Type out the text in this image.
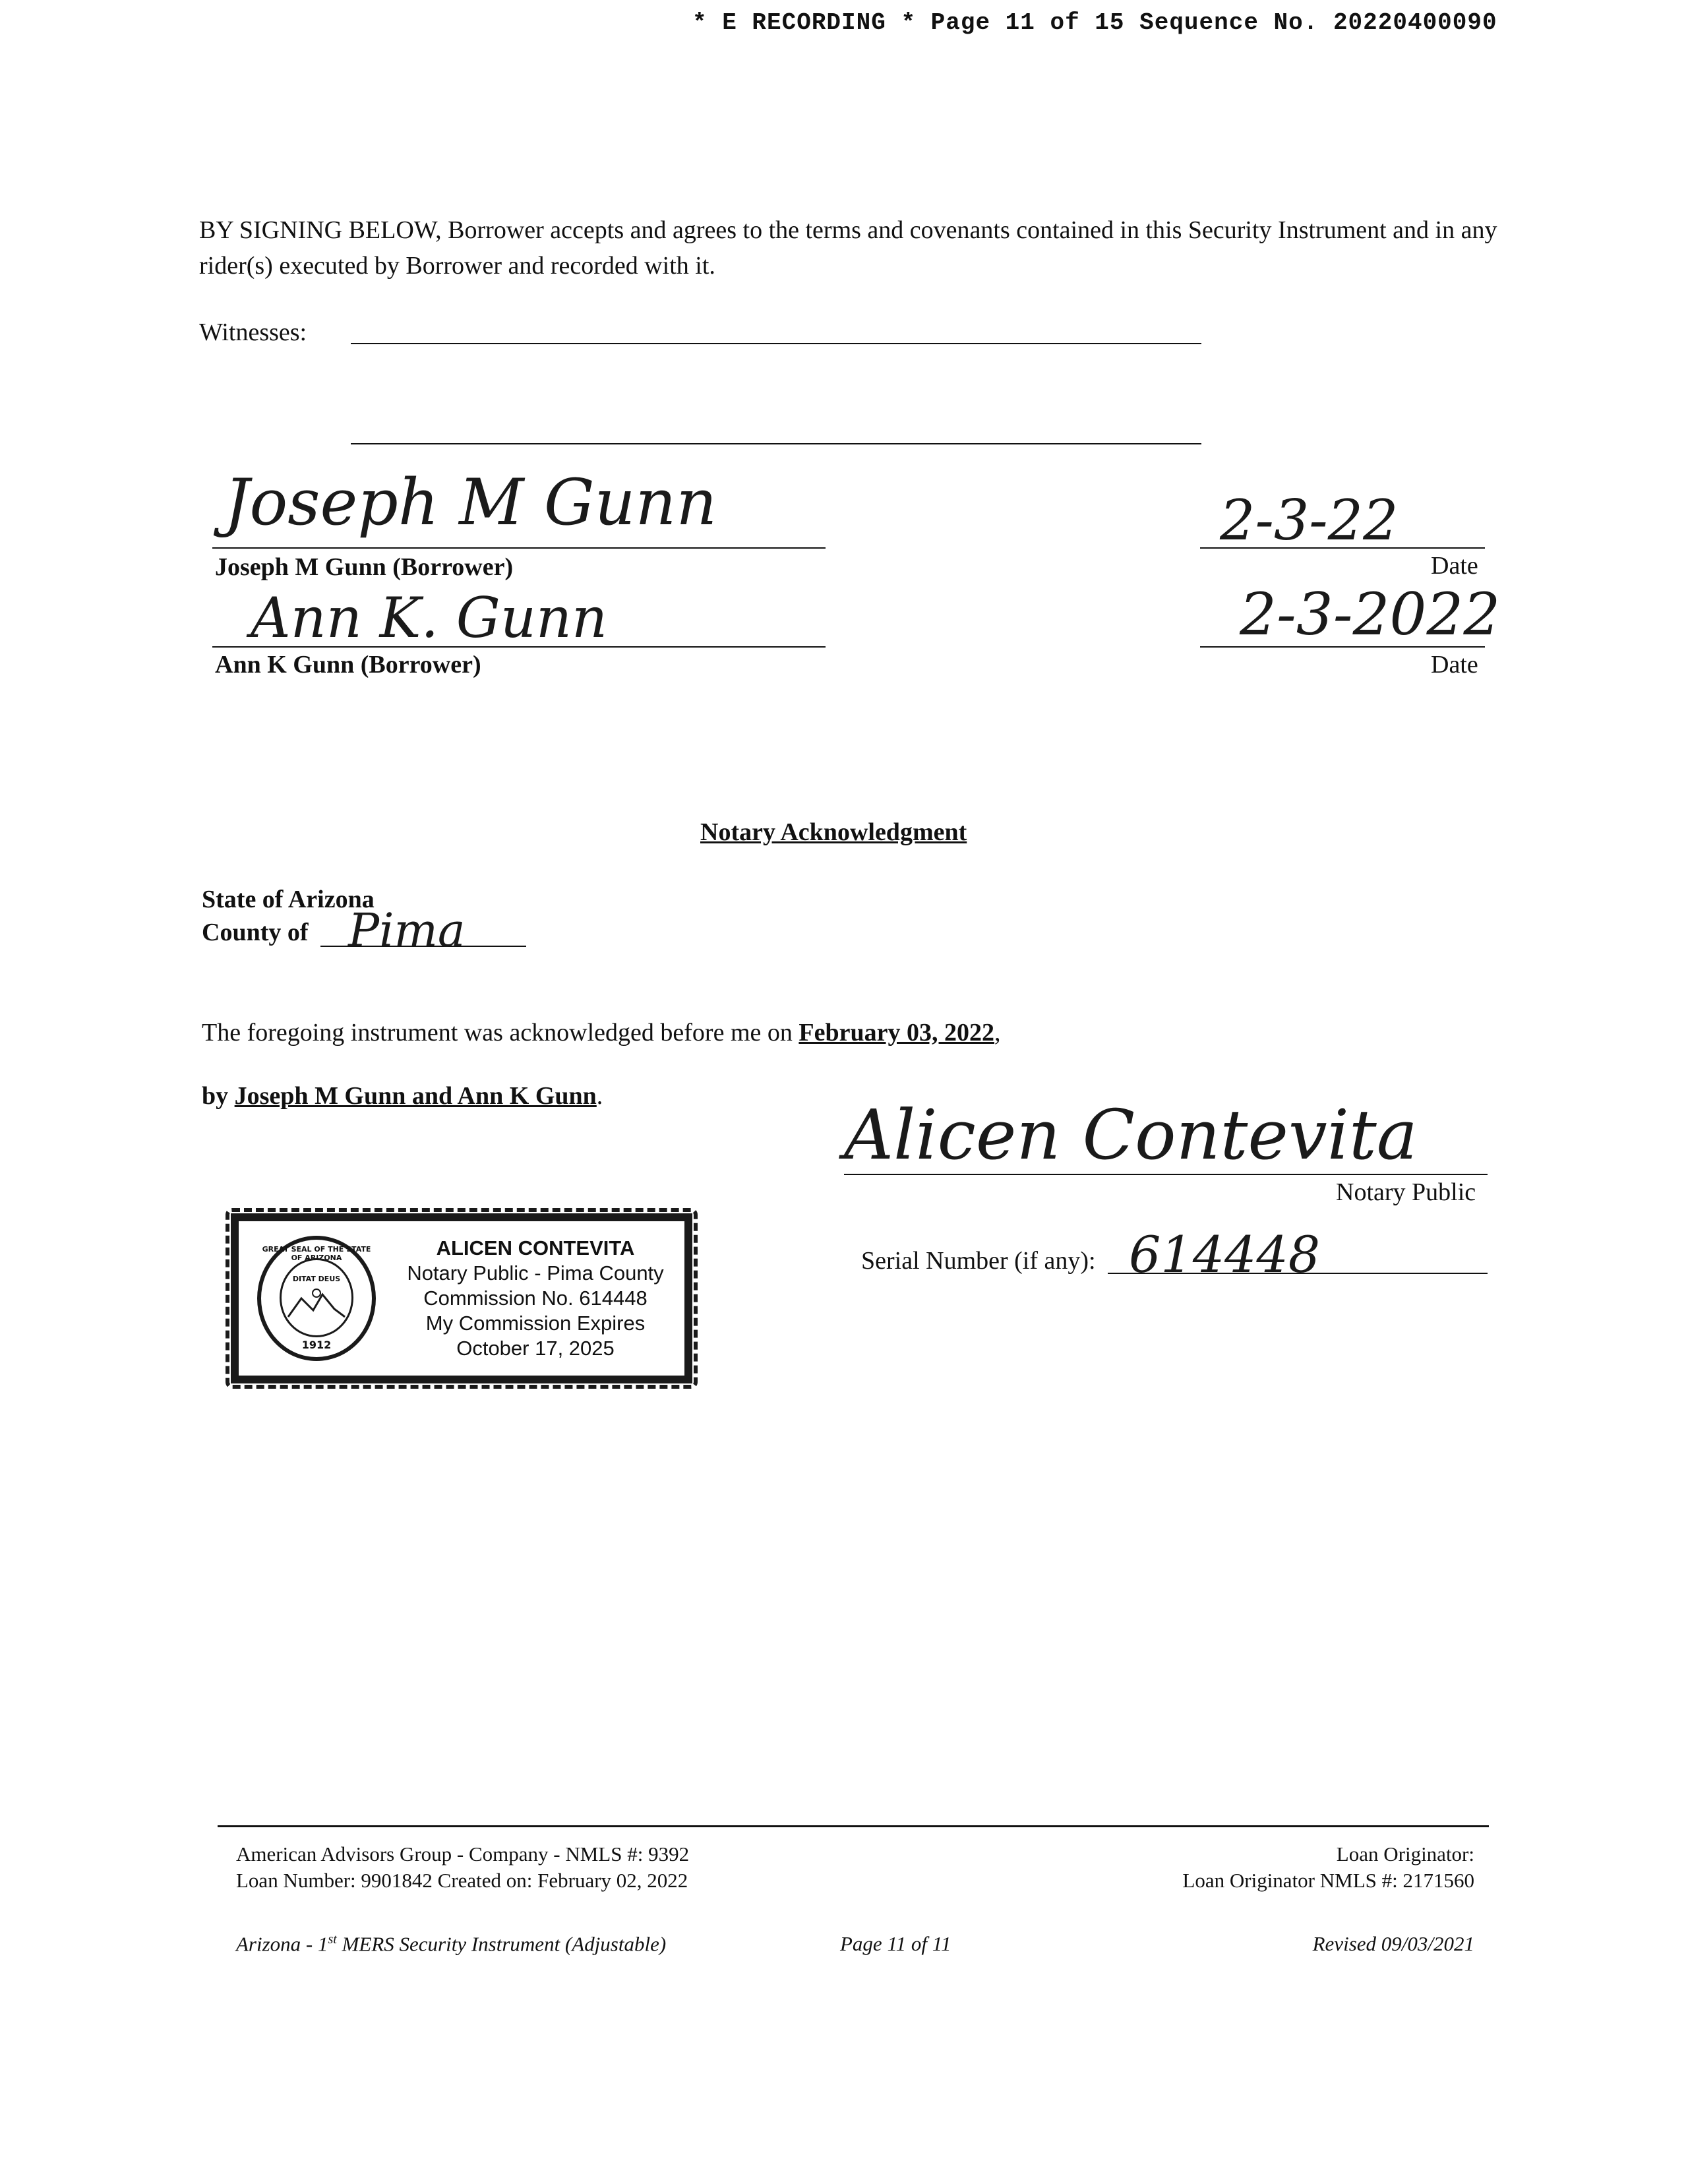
* E RECORDING * Page 11 of 15 Sequence No. 20220400090
BY SIGNING BELOW, Borrower accepts and agrees to the terms and covenants contained in this Security Instrument and in any rider(s) executed by Borrower and recorded with it.
Witnesses:
Joseph M Gunn
Joseph M Gunn (Borrower)
2-3-22
Date
Ann K. Gunn
Ann K Gunn (Borrower)
2-3-2022
Date
Notary Acknowledgment
State of Arizona
County of Pima
The foregoing instrument was acknowledged before me on February 03, 2022,
by Joseph M Gunn and Ann K Gunn.	Alicen Contevita
Notary Public
Serial Number (if any): 614448
GREAT SEAL OF THE STATE OF ARIZONA
DITAT DEUS
1912
ALICEN CONTEVITA
Notary Public - Pima County
Commission No. 614448
My Commission Expires
October 17, 2025
American Advisors Group - Company - NMLS #: 9392
Loan Number: 9901842 Created on: February 02, 2022
Loan Originator:
Loan Originator NMLS #: 2171560
Arizona - 1st MERS Security Instrument (Adjustable)	Page 11 of 11	Revised 09/03/2021
